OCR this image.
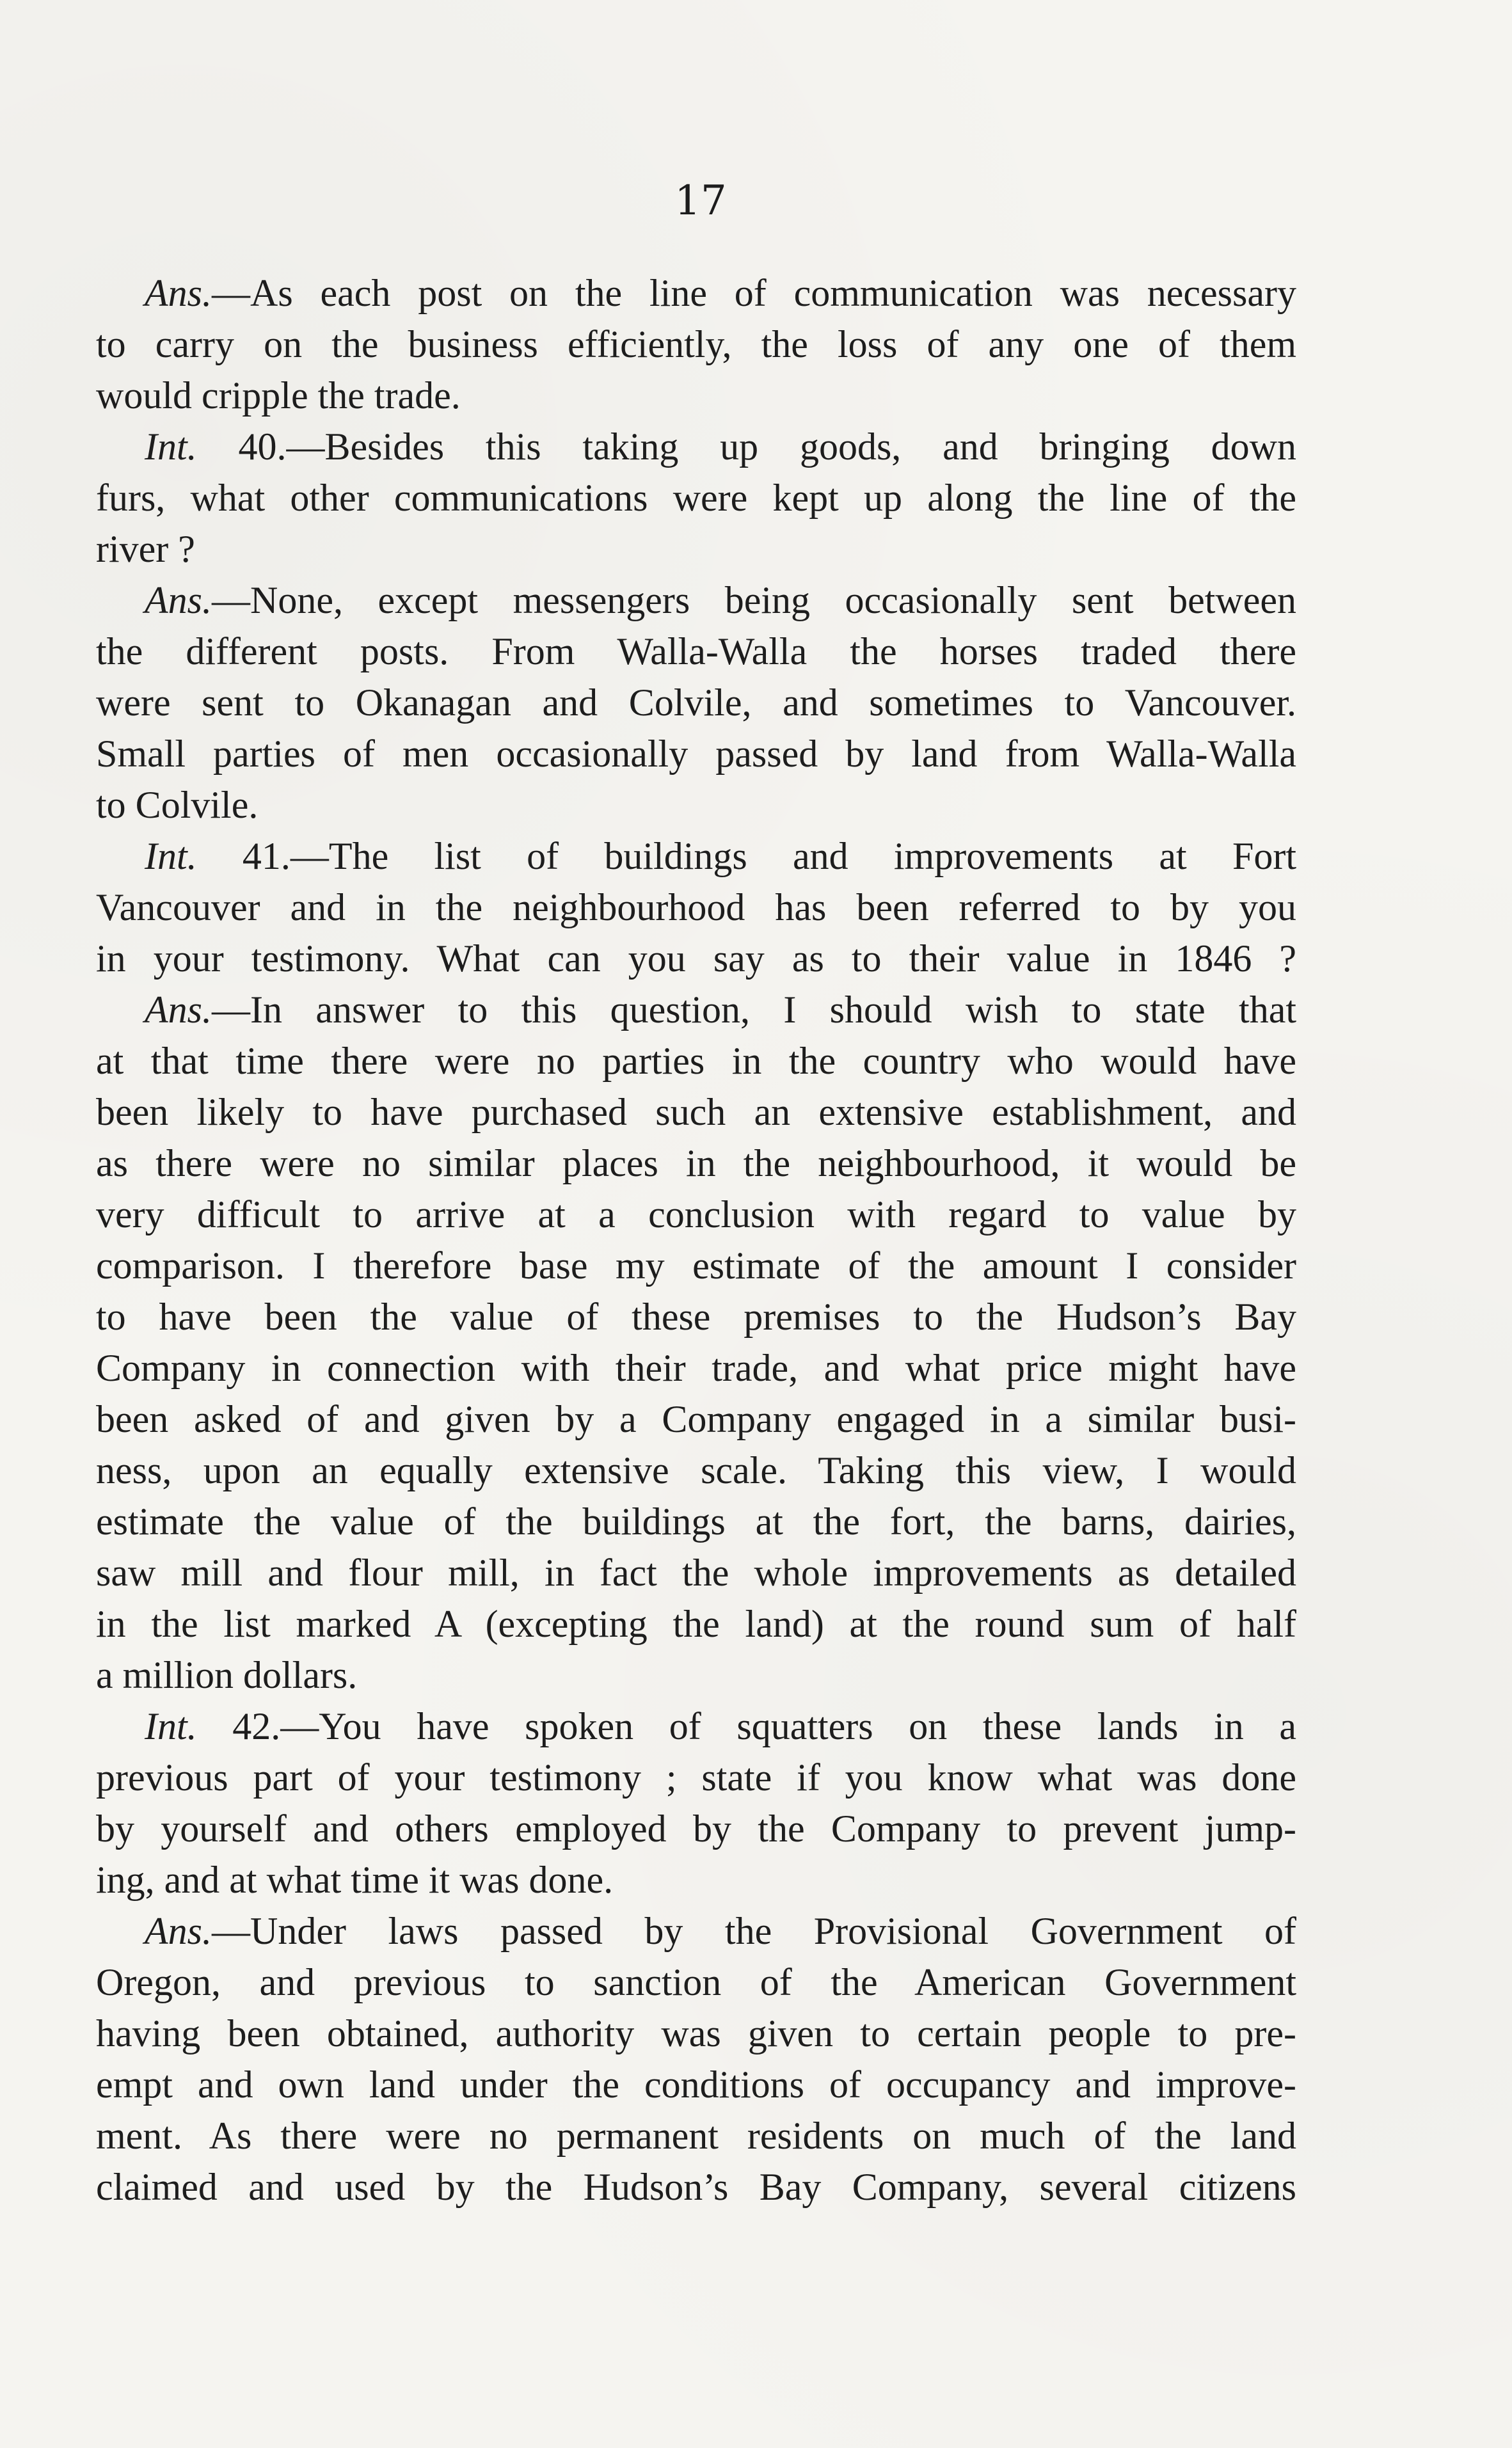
17
Ans.—As each post on the line of communication was necessary
to carry on the business efficiently, the loss of any one of them
would cripple the trade.
Int. 40.—Besides this taking up goods, and bringing down
furs, what other communications were kept up along the line of the
river ?
Ans.—None, except messengers being occasionally sent between
the different posts. From Walla-Walla the horses traded there
were sent to Okanagan and Colvile, and sometimes to Vancouver.
Small parties of men occasionally passed by land from Walla-Walla
to Colvile.
Int. 41.—The list of buildings and improvements at Fort
Vancouver and in the neighbourhood has been referred to by you
in your testimony. What can you say as to their value in 1846 ?
Ans.—In answer to this question, I should wish to state that
at that time there were no parties in the country who would have
been likely to have purchased such an extensive establishment, and
as there were no similar places in the neighbourhood, it would be
very difficult to arrive at a conclusion with regard to value by
comparison. I therefore base my estimate of the amount I consider
to have been the value of these premises to the Hudson’s Bay
Company in connection with their trade, and what price might have
been asked of and given by a Company engaged in a similar busi-
ness, upon an equally extensive scale. Taking this view, I would
estimate the value of the buildings at the fort, the barns, dairies,
saw mill and flour mill, in fact the whole improvements as detailed
in the list marked A (excepting the land) at the round sum of half
a million dollars.
Int. 42.—You have spoken of squatters on these lands in a
previous part of your testimony ; state if you know what was done
by yourself and others employed by the Company to prevent jump-
ing, and at what time it was done.
Ans.—Under laws passed by the Provisional Government of
Oregon, and previous to sanction of the American Government
having been obtained, authority was given to certain people to pre-
empt and own land under the conditions of occupancy and improve-
ment. As there were no permanent residents on much of the land
claimed and used by the Hudson’s Bay Company, several citizens
